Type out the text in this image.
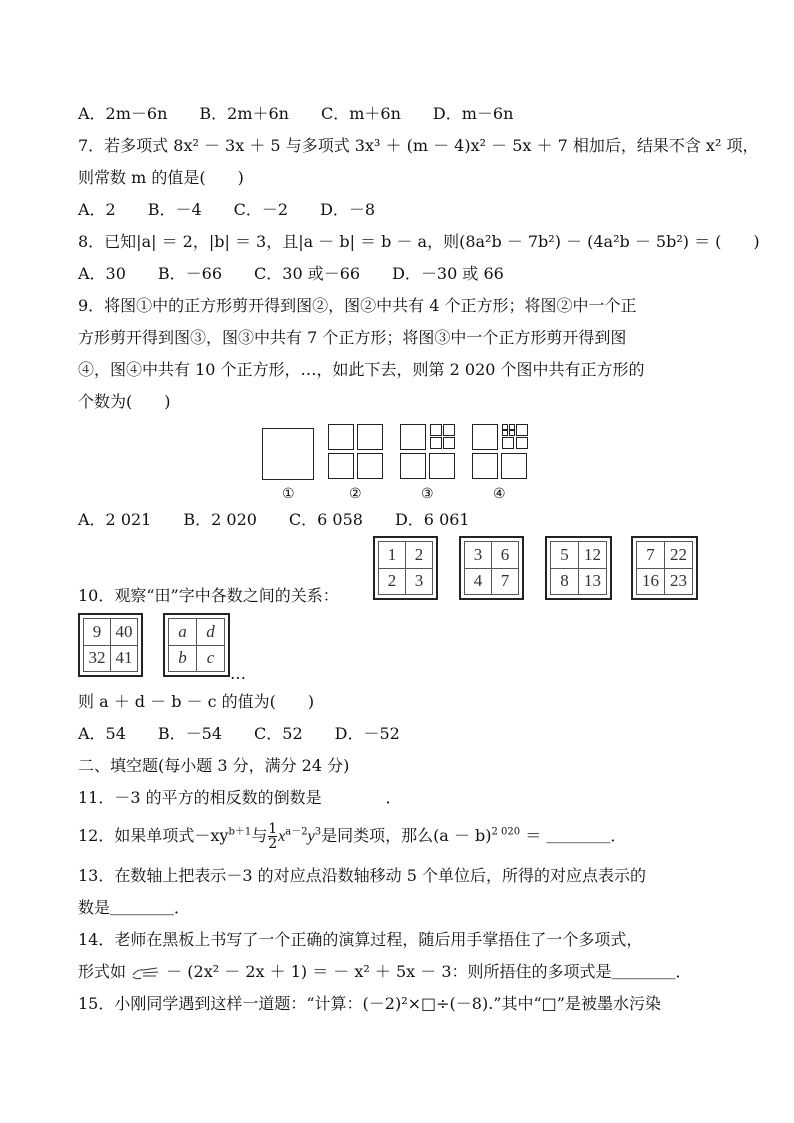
A．2m－6n　　B．2m＋6n　　C．m＋6n　　D．m－6n
7．若多项式 8x² － 3x ＋ 5 与多项式 3x³ ＋ (m － 4)x² － 5x ＋ 7 相加后，结果不含 x² 项，
则常数 m 的值是(　　)
A．2　　B．－4　　C．－2　　D．－8
8．已知|a| ＝ 2，|b| ＝ 3，且|a － b| ＝ b － a，则(8a²b － 7b²) － (4a²b － 5b²) ＝ (　　)
A．30　　B．－66　　C．30 或－66　　D．－30 或 66
9．将图①中的正方形剪开得到图②，图②中共有 4 个正方形；将图②中一个正
方形剪开得到图③，图③中共有 7 个正方形；将图③中一个正方形剪开得到图
④，图④中共有 10 个正方形，…，如此下去，则第 2 020 个图中共有正方形的
个数为(　　)
①	②	③	④
A．2 021　　B．2 020　　C．6 058　　D．6 061
1	2
2	3
3	6
4	7
5	12
8	13
7	22
16	23
10．观察“田”字中各数之间的关系：
9	40
32	41
a	d
b	c
…
则 a ＋ d － b － c 的值为(　　)
A．54　　B．－54　　C．52　　D．－52
二、填空题(每小题 3 分，满分 24 分)
11．－3 的平方的相反数的倒数是　　　　．
12．如果单项式$-xy^{b+1}$与 $\frac{1}{2} x^{a-2}y^3$是同类项，那么$(a - b)^{2 020}$ ＝ ＿＿＿＿．
13．在数轴上把表示－3 的对应点沿数轴移动 5 个单位后，所得的对应点表示的
数是＿＿＿＿．
14．老师在黑板上书写了一个正确的演算过程，随后用手掌捂住了一个多项式，
形式如	－ (2x² － 2x ＋ 1) ＝ － x² ＋ 5x － 3：则所捂住的多项式是＿＿＿＿．
15．小刚同学遇到这样一道题：“计算：(－2)²×□÷(－8).”其中“□”是被墨水污染
